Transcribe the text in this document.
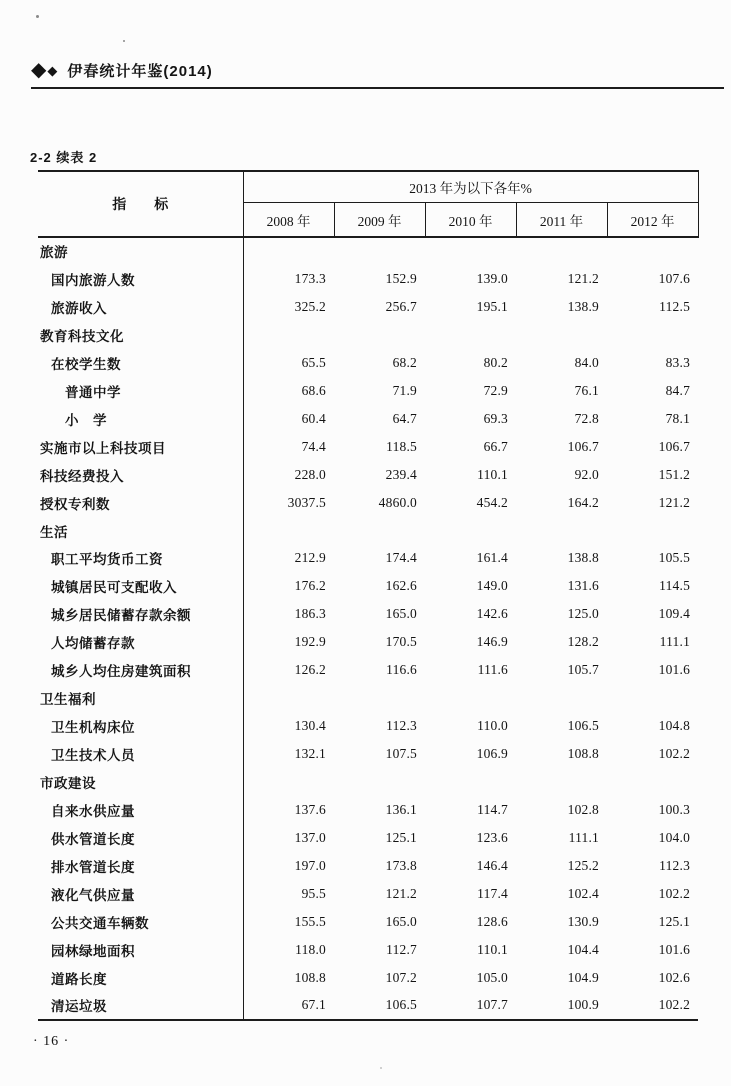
◆ ◆ 伊春统计年鉴(2014)
2-2 续表 2
指　　标	2013 年为以下各年%				
	2008 年	2009 年	2010 年	2011 年	2012 年
旅游					
国内旅游人数	173.3	152.9	139.0	121.2	107.6
旅游收入	325.2	256.7	195.1	138.9	112.5
教育科技文化					
在校学生数	65.5	68.2	80.2	84.0	83.3
普通中学	68.6	71.9	72.9	76.1	84.7
小　学	60.4	64.7	69.3	72.8	78.1
实施市以上科技项目	74.4	118.5	66.7	106.7	106.7
科技经费投入	228.0	239.4	110.1	92.0	151.2
授权专利数	3037.5	4860.0	454.2	164.2	121.2
生活					
职工平均货币工资	212.9	174.4	161.4	138.8	105.5
城镇居民可支配收入	176.2	162.6	149.0	131.6	114.5
城乡居民储蓄存款余额	186.3	165.0	142.6	125.0	109.4
人均储蓄存款	192.9	170.5	146.9	128.2	111.1
城乡人均住房建筑面积	126.2	116.6	111.6	105.7	101.6
卫生福利					
卫生机构床位	130.4	112.3	110.0	106.5	104.8
卫生技术人员	132.1	107.5	106.9	108.8	102.2
市政建设					
自来水供应量	137.6	136.1	114.7	102.8	100.3
供水管道长度	137.0	125.1	123.6	111.1	104.0
排水管道长度	197.0	173.8	146.4	125.2	112.3
液化气供应量	95.5	121.2	117.4	102.4	102.2
公共交通车辆数	155.5	165.0	128.6	130.9	125.1
园林绿地面积	118.0	112.7	110.1	104.4	101.6
道路长度	108.8	107.2	105.0	104.9	102.6
清运垃圾	67.1	106.5	107.7	100.9	102.2
· 16 ·
